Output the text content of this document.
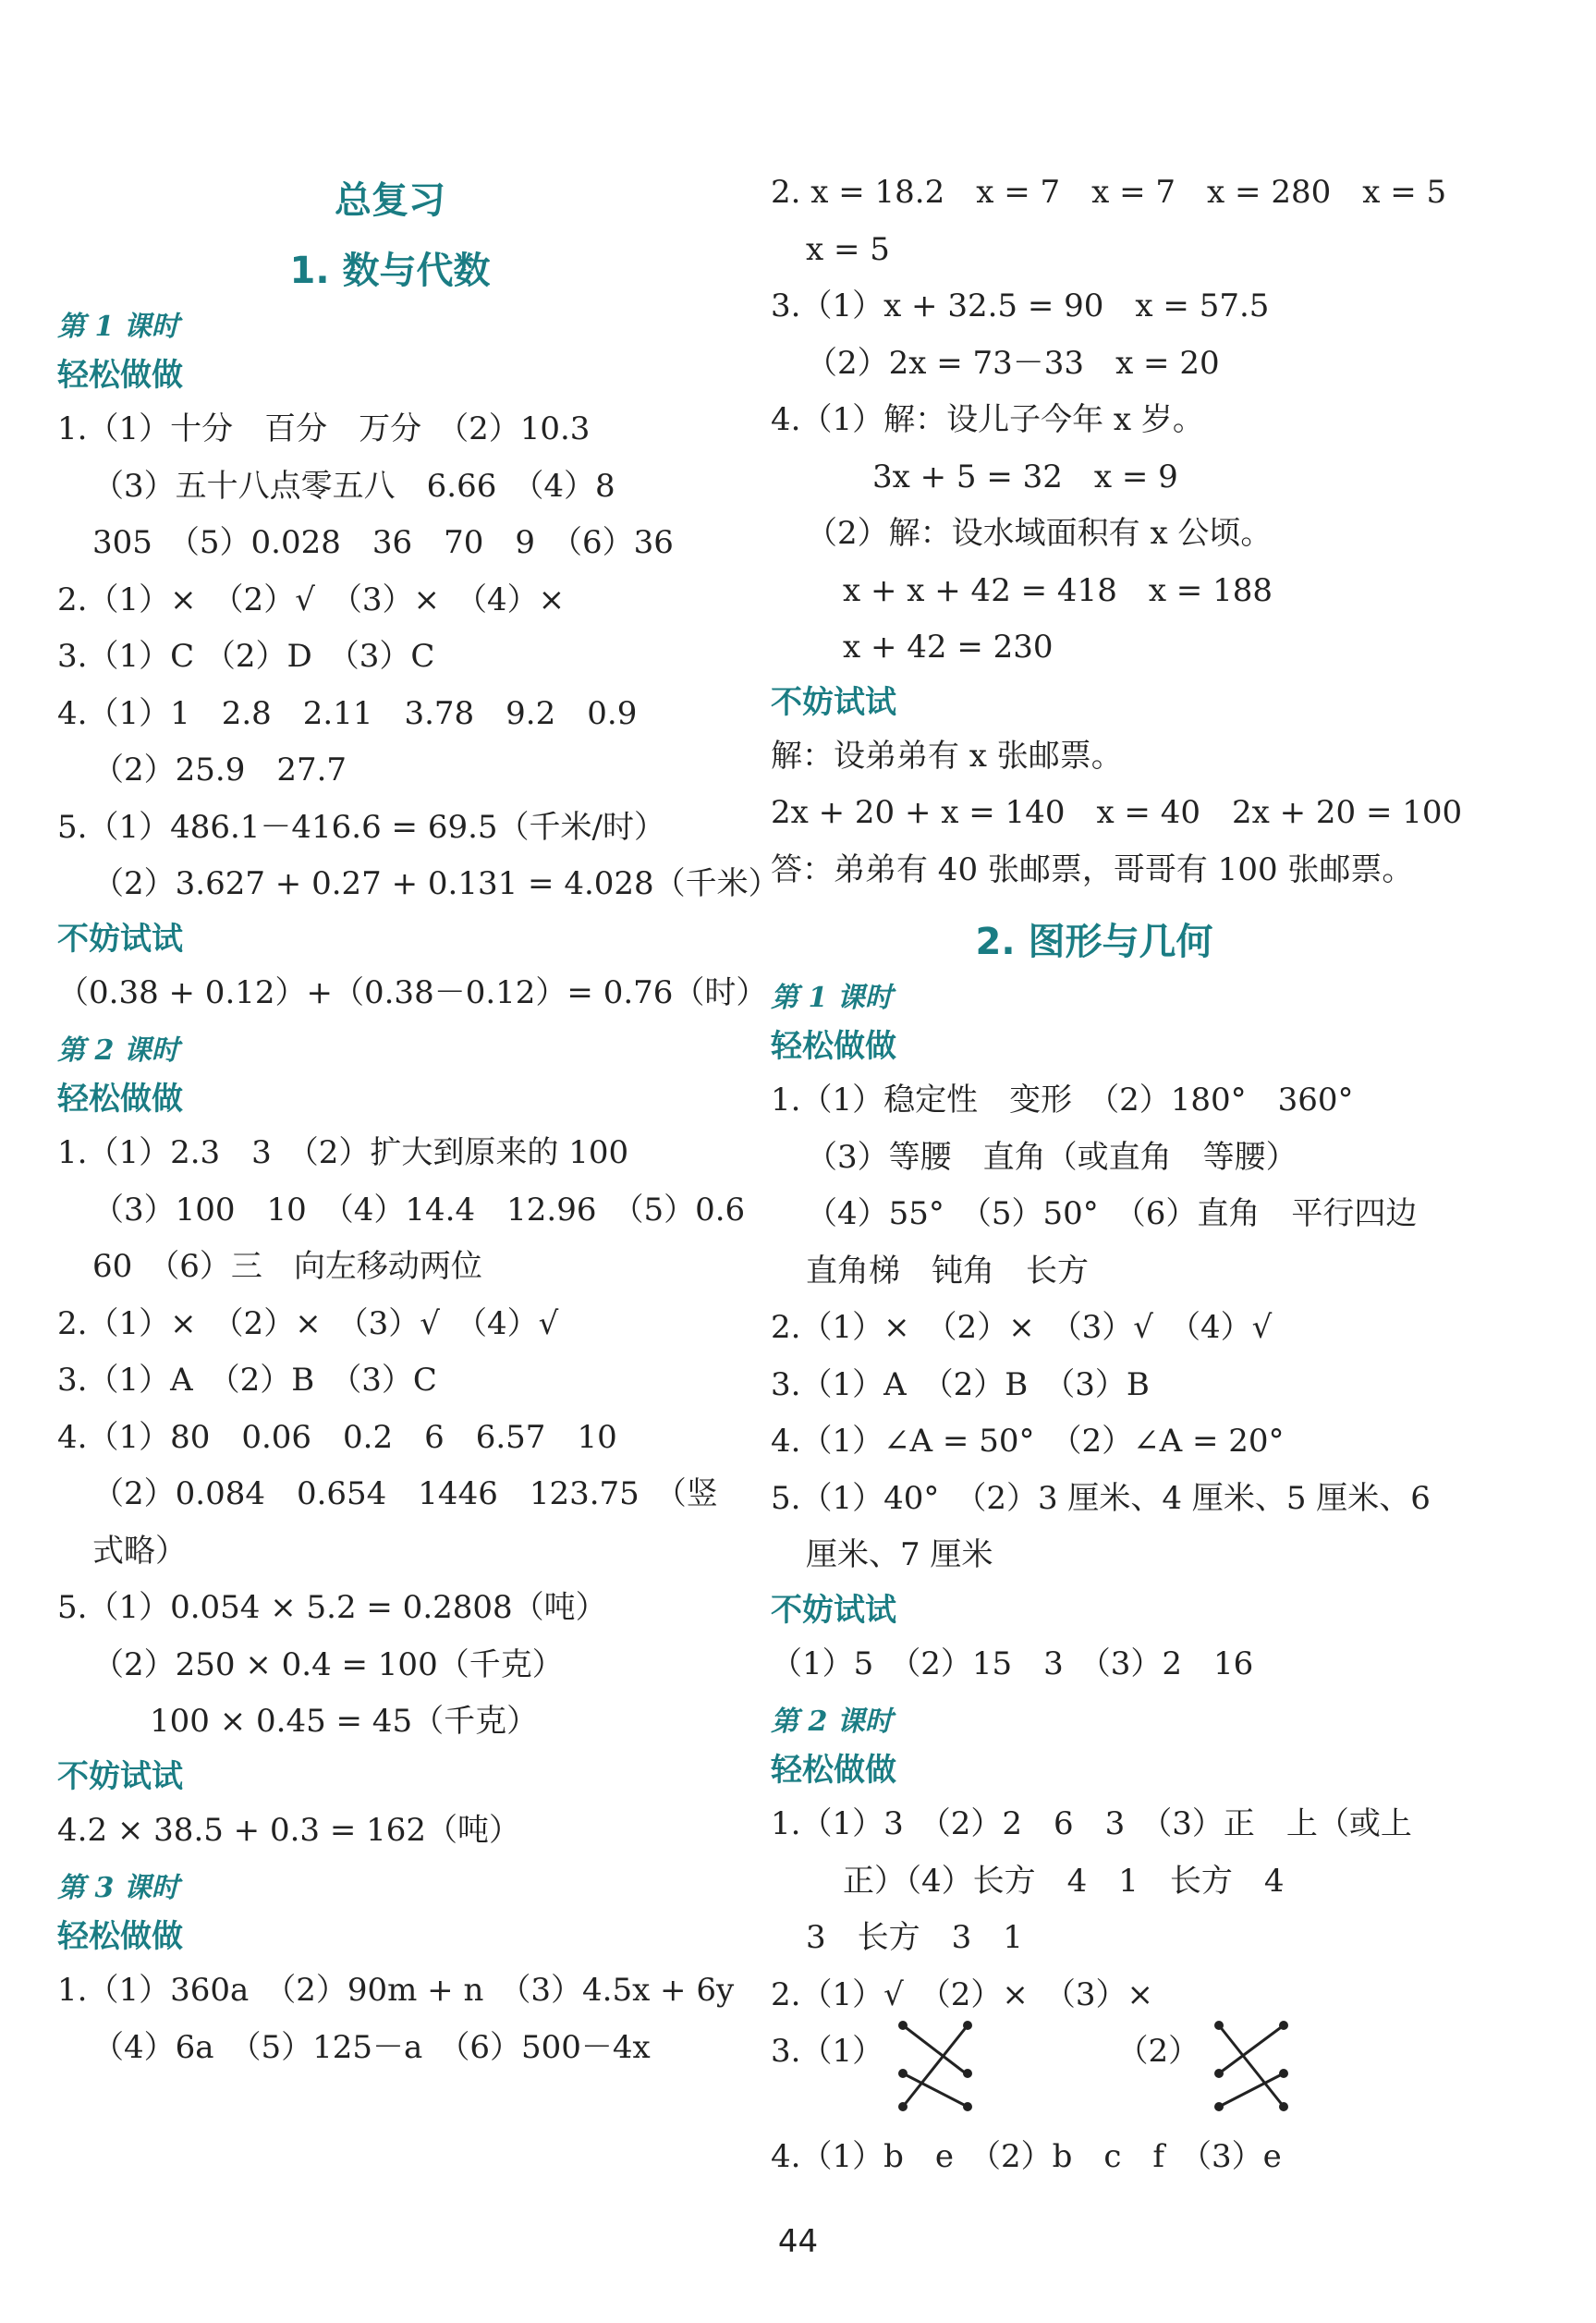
总复习
1. 数与代数
第 1 课时
轻松做做
1.（1）十分　百分　万分　（2）10.3
（3）五十八点零五八　6.66　（4）8
305　（5）0.028　36　70　9　（6）36
2.（1）×　（2）√　（3）×　（4）×
3.（1）C （2）D　（3）C
4.（1）1　2.8　2.11　3.78　9.2　0.9
（2）25.9　27.7
5.（1）486.1－416.6 = 69.5（千米/时）
（2）3.627 + 0.27 + 0.131 = 4.028（千米）
不妨试试
（0.38 + 0.12）+（0.38－0.12）= 0.76（时）
第 2 课时
轻松做做
1.（1）2.3　3　（2）扩大到原来的 100
（3）100　10　（4）14.4　12.96　（5）0.6
60　（6）三　向左移动两位
2.（1）×　（2）×　（3）√　（4）√
3.（1）A　（2）B　（3）C
4.（1）80　0.06　0.2　6　6.57　10
（2）0.084　0.654　1446　123.75　（竖
式略）
5.（1）0.054 × 5.2 = 0.2808（吨）
（2）250 × 0.4 = 100（千克）
100 × 0.45 = 45（千克）
不妨试试
4.2 × 38.5 + 0.3 = 162（吨）
第 3 课时
轻松做做
1.（1）360a　（2）90m + n　（3）4.5x + 6y
（4）6a　（5）125－a　（6）500－4x
2. x = 18.2　x = 7　x = 7　x = 280　x = 5
x = 5
3.（1）x + 32.5 = 90　x = 57.5
（2）2x = 73－33　x = 20
4.（1）解：设儿子今年 x 岁。
3x + 5 = 32　x = 9
（2）解：设水域面积有 x 公顷。
x + x + 42 = 418　x = 188
x + 42 = 230
不妨试试
解：设弟弟有 x 张邮票。
2x + 20 + x = 140　x = 40　2x + 20 = 100
答：弟弟有 40 张邮票，哥哥有 100 张邮票。
2. 图形与几何
第 1 课时
轻松做做
1.（1）稳定性　变形　（2）180°　360°
（3）等腰　直角（或直角　等腰）
（4）55°　（5）50°　（6）直角　平行四边
直角梯　钝角　长方
2.（1）×　（2）×　（3）√　（4）√
3.（1）A　（2）B　（3）B
4.（1）∠A = 50°　（2）∠A = 20°
5.（1）40°　（2）3 厘米、4 厘米、5 厘米、6
厘米、7 厘米
不妨试试
（1）5　（2）15　3　（3）2　16
第 2 课时
轻松做做
1.（1）3　（2）2　6　3　（3）正　上（或上
正）（4）长方　4　1　长方　4
3　长方　3　1
2.（1）√　（2）×　（3）×
3.（1）	（2）
4.（1）b　e　（2）b　c　f　（3）e
44
